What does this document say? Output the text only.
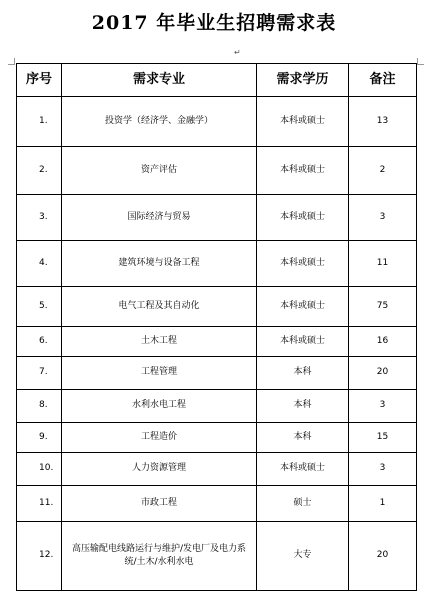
2017 年毕业生招聘需求表
↵
序号	需求专业	需求学历	备注
1.	投资学（经济学、金融学）	本科或硕士	13
2.	资产评估	本科或硕士	2
3.	国际经济与贸易	本科或硕士	3
4.	建筑环境与设备工程	本科或硕士	11
5.	电气工程及其自动化	本科或硕士	75
6.	土木工程	本科或硕士	16
7.	工程管理	本科	20
8.	水利水电工程	本科	3
9.	工程造价	本科	15
10.	人力资源管理	本科或硕士	3
11.	市政工程	硕士	1
12.	高压输配电线路运行与维护/发电厂及电力系统/土木/水利水电	大专	20
